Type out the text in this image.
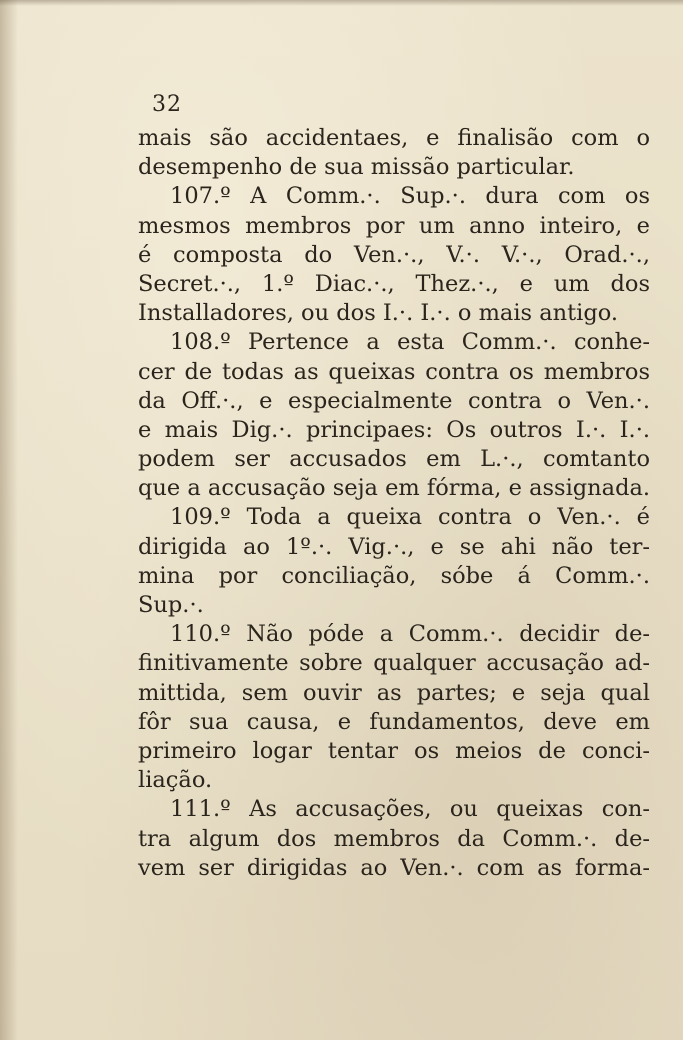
32
mais são accidentaes, e finalisão com o
desempenho de sua missão particular.
107.º A Comm.·. Sup.·. dura com os
mesmos membros por um anno inteiro, e
é composta do Ven.·., V.·. V.·., Orad.·.,
Secret.·., 1.º Diac.·., Thez.·., e um dos
Installadores, ou dos I.·. I.·. o mais antigo.
108.º Pertence a esta Comm.·. conhe-
cer de todas as queixas contra os membros
da Off.·., e especialmente contra o Ven.·.
e mais Dig.·. principaes: Os outros I.·. I.·.
podem ser accusados em L.·., comtanto
que a accusação seja em fórma, e assignada.
109.º Toda a queixa contra o Ven.·. é
dirigida ao 1º.·. Vig.·., e se ahi não ter-
mina por conciliação, sóbe á Comm.·.
Sup.·.
110.º Não póde a Comm.·. decidir de-
finitivamente sobre qualquer accusação ad-
mittida, sem ouvir as partes; e seja qual
fôr sua causa, e fundamentos, deve em
primeiro logar tentar os meios de conci-
liação.
111.º As accusações, ou queixas con-
tra algum dos membros da Comm.·. de-
vem ser dirigidas ao Ven.·. com as forma-
